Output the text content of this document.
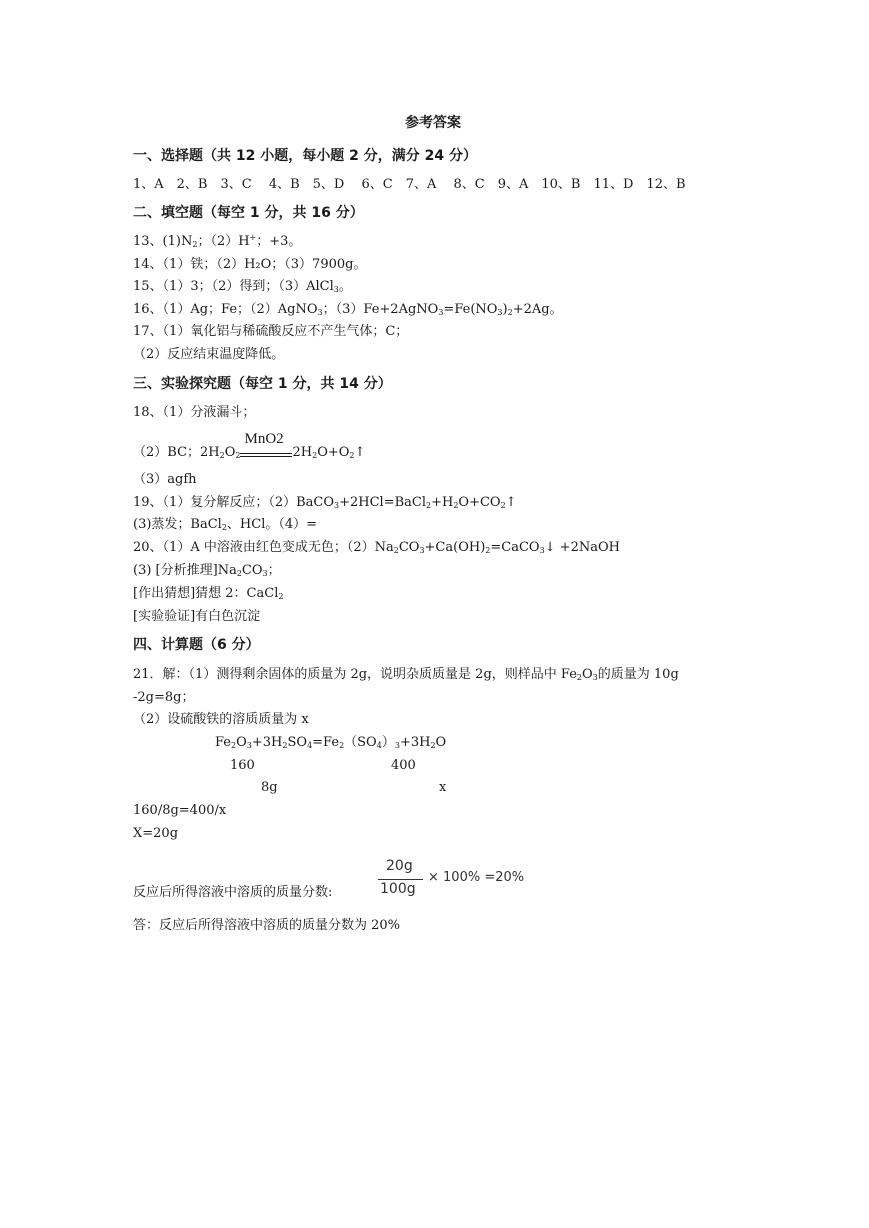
参考答案
一、选择题（共 12 小题，每小题 2 分，满分 24 分）
1、A　2、B　3、C　 4、B　5、D　 6、C　7、A　 8、C　9、A　10、B　11、D　12、B
二、填空题（每空 1 分，共 16 分）
13、$(1)N_2$；（2）H+；+3。
14、（1）铁；（2）H₂O；（3）7900g。
15、（1）3；（2）得到；（3）AlCl$_3$。
16、（1）Ag；Fe；（2）AgNO$_3$；$(3)Fe+2AgNO_3=Fe(NO_3)_2+2Ag$。
17、（1）氧化铝与稀硫酸反应不产生气体；C；
（2）反应结束温度降低。
三、实验探究题（每空 1 分，共 14 分）
18、（1）分液漏斗；
（2）BC；$2H_2O_2$
MnO2
$2H_2O+O_2↑$
（3）agfh
19、（1）复分解反应；$(2)BaCO_3+2HCl=BaCl_2+H_2O+CO_2↑$
(3)蒸发；BaCl$_2$、HCl。（4）=
20、（1）A 中溶液由红色变成无色；$(2)Na_2CO_3+Ca(OH)_2=CaCO_3↓$ +2NaOH
(3) [分析推理]$Na_2CO_3$；
[作出猜想]猜想 2：CaCl$_2$
[实验验证]有白色沉淀
四、计算题（6 分）
21．解：（1）测得剩余固体的质量为 2g，说明杂质质量是 2g，则样品中 $Fe_2O_3$的质量为 10g
-2g=8g；
（2）设硫酸铁的溶质质量为 x
$Fe_2O_3+3H_2SO_4=Fe_2(SO_4)_3+3H_2O$
160	400
8g	x
160/8g=400/x
X=20g
反应后所得溶液中溶质的质量分数:
20g
100g
× 100% =20%
答：反应后所得溶液中溶质的质量分数为 20%
